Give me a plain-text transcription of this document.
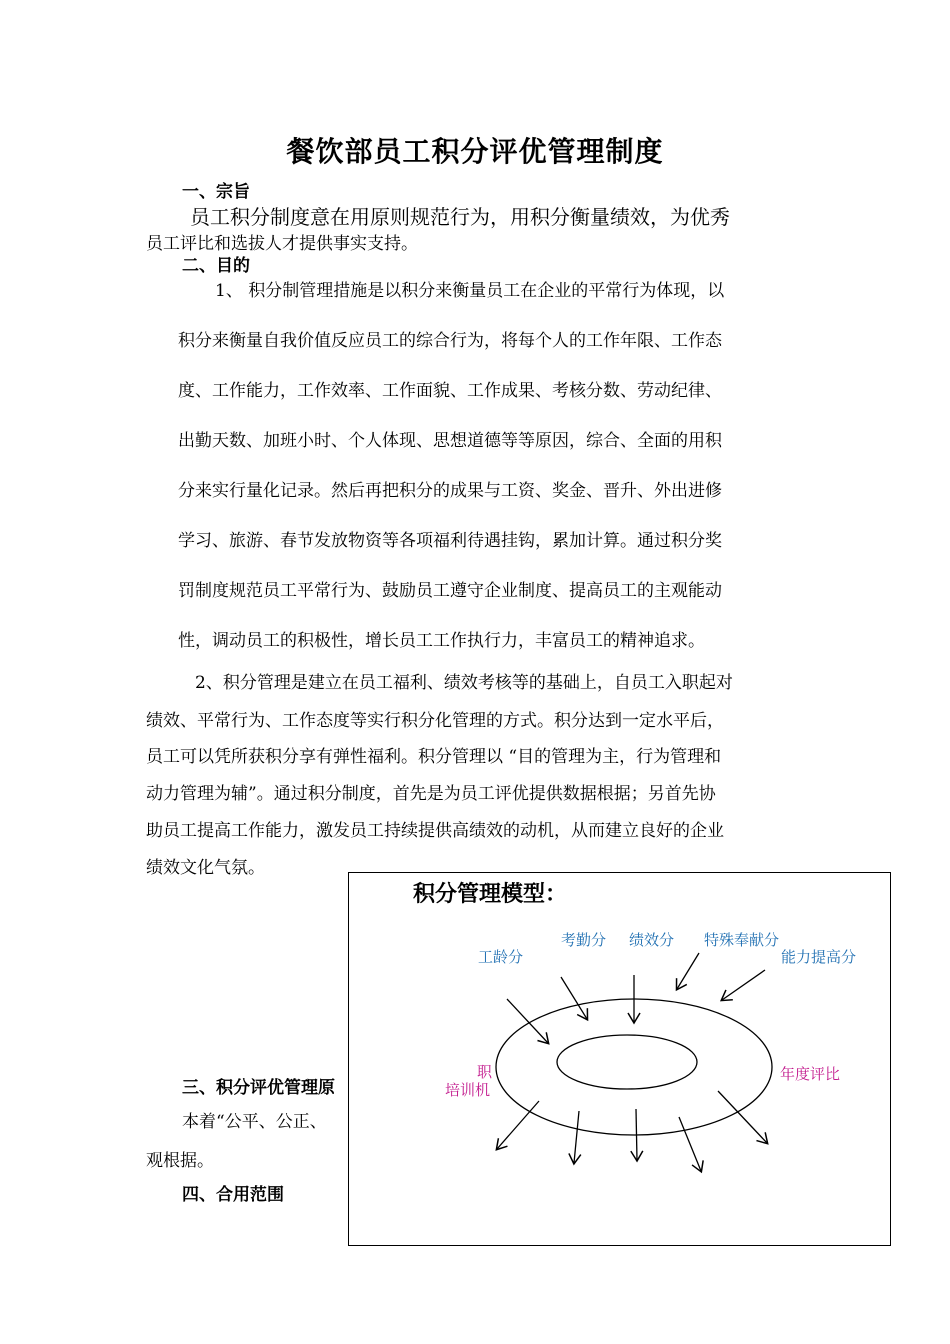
餐饮部员工积分评优管理制度
一、宗旨
员工积分制度意在用原则规范行为，用积分衡量绩效，为优秀
员工评比和选拔人才提供事实支持。
二、目的
1、 积分制管理措施是以积分来衡量员工在企业的平常行为体现，以
积分来衡量自我价值反应员工的综合行为，将每个人的工作年限、工作态
度、工作能力，工作效率、工作面貌、工作成果、考核分数、劳动纪律、
出勤天数、加班小时、个人体现、思想道德等等原因，综合、全面的用积
分来实行量化记录。然后再把积分的成果与工资、奖金、晋升、外出进修
学习、旅游、春节发放物资等各项福利待遇挂钩，累加计算。通过积分奖
罚制度规范员工平常行为、鼓励员工遵守企业制度、提高员工的主观能动
性，调动员工的积极性，增长员工工作执行力，丰富员工的精神追求。
2、积分管理是建立在员工福利、绩效考核等的基础上，自员工入职起对
绩效、平常行为、工作态度等实行积分化管理的方式。积分达到一定水平后，
员工可以凭所获积分享有弹性福利。积分管理以 “目的管理为主，行为管理和
动力管理为辅”。通过积分制度，首先是为员工评优提供数据根据；另首先协
助员工提高工作能力，激发员工持续提供高绩效的动机，从而建立良好的企业
绩效文化气氛。
三、积分评优管理原
本着“公平、公正、
观根据。
四、合用范围
积分管理模型：
工龄分
考勤分 绩效分 特殊奉献分
能力提高分
职
培训机
年度评比
